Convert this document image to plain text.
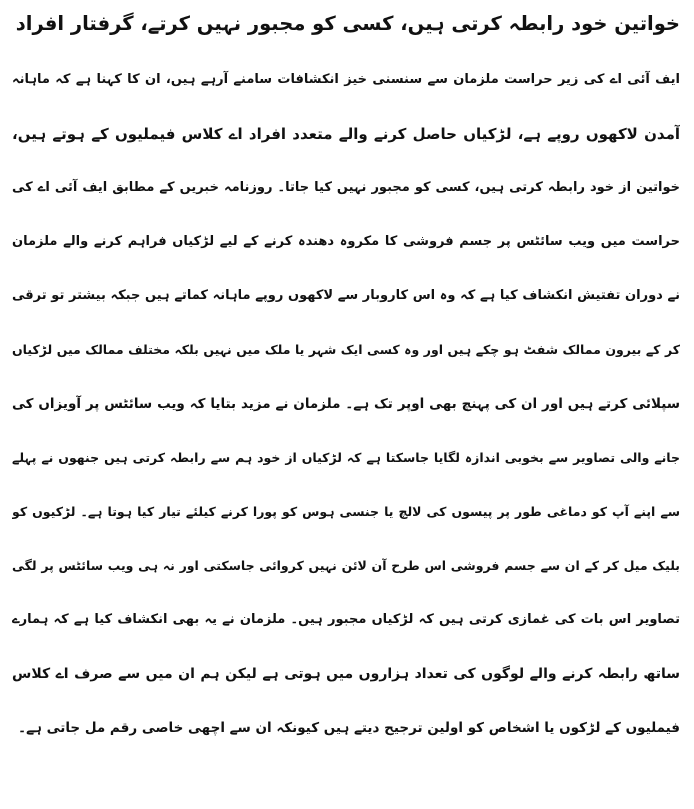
خواتین خود رابطہ کرتی ہیں، کسی کو مجبور نہیں کرتے، گرفتار افراد
ایف آئی اے کی زیر حراست ملزمان سے سنسنی خیز انکشافات سامنے آرہے ہیں، ان کا کہنا ہے کہ ماہانہ
آمدن لاکھوں روپے ہے، لڑکیاں حاصل کرنے والے متعدد افراد اے کلاس فیملیوں کے ہوتے ہیں،
خواتین از خود رابطہ کرتی ہیں، کسی کو مجبور نہیں کیا جاتا۔ روزنامہ خبریں کے مطابق ایف آئی اے کی
حراست میں ویب سائٹس پر جسم فروشی کا مکروہ دھندہ کرنے کے لیے لڑکیاں فراہم کرنے والے ملزمان
نے دوران تفتیش انکشاف کیا ہے کہ وہ اس کاروبار سے لاکھوں روپے ماہانہ کماتے ہیں جبکہ بیشتر تو ترقی
کر کے بیرون ممالک شفٹ ہو چکے ہیں اور وہ کسی ایک شہر یا ملک میں نہیں بلکہ مختلف ممالک میں لڑکیاں
سپلائی کرتے ہیں اور ان کی پہنچ بھی اوپر تک ہے۔ ملزمان نے مزید بتایا کہ ویب سائٹس پر آویزاں کی
جانے والی تصاویر سے بخوبی اندازہ لگایا جاسکتا ہے کہ لڑکیاں از خود ہم سے رابطہ کرتی ہیں جنھوں نے پہلے
سے اپنے آپ کو دماغی طور پر پیسوں کی لالچ یا جنسی ہوس کو پورا کرنے کیلئے تیار کیا ہوتا ہے۔ لڑکیوں کو
بلیک میل کر کے ان سے جسم فروشی اس طرح آن لائن نہیں کروائی جاسکتی اور نہ ہی ویب سائٹس پر لگی
تصاویر اس بات کی غمازی کرتی ہیں کہ لڑکیاں مجبور ہیں۔ ملزمان نے یہ بھی انکشاف کیا ہے کہ ہمارے
ساتھ رابطہ کرنے والے لوگوں کی تعداد ہزاروں میں ہوتی ہے لیکن ہم ان میں سے صرف اے کلاس
فیملیوں کے لڑکوں یا اشخاص کو اولین ترجیح دیتے ہیں کیونکہ ان سے اچھی خاصی رقم مل جاتی ہے۔
